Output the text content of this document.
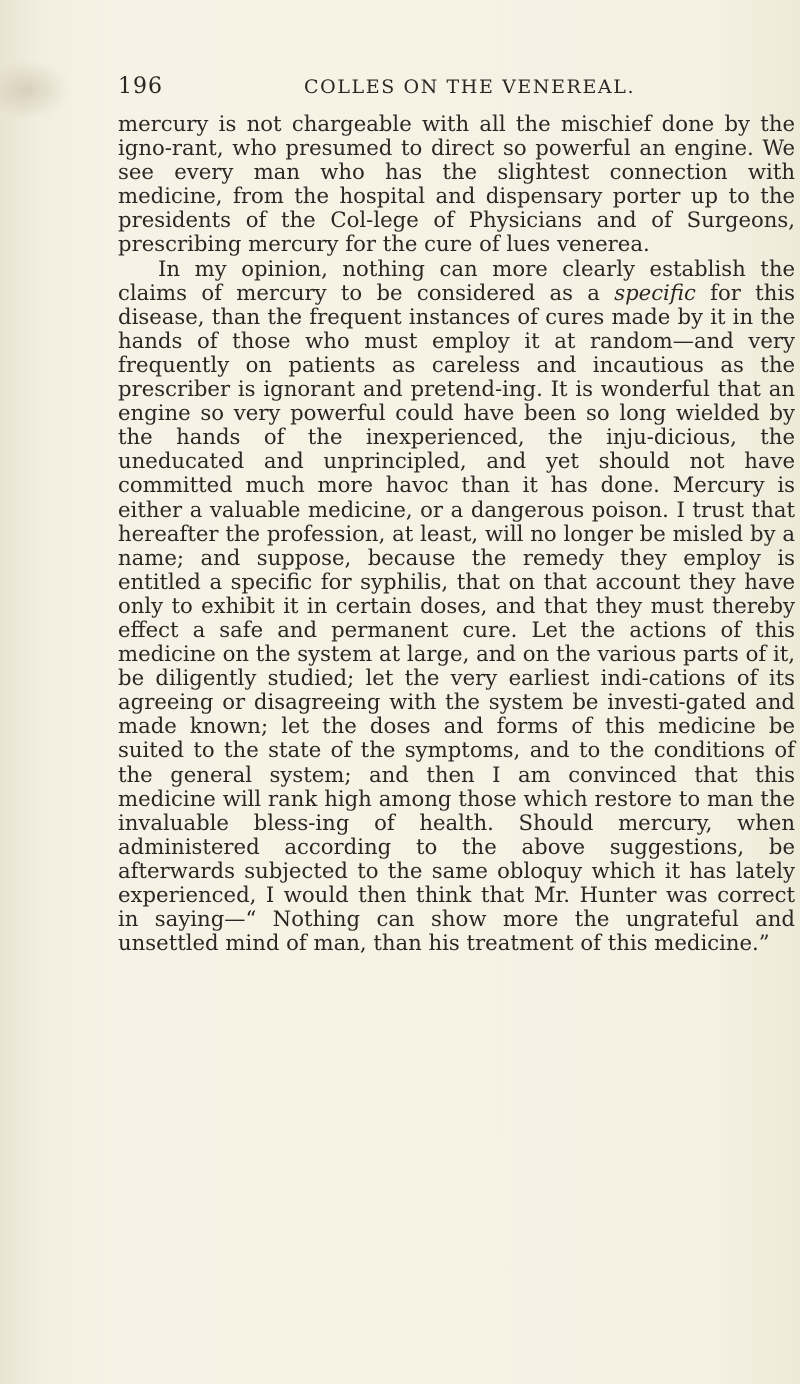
196	COLLES ON THE VENEREAL.

mercury is not chargeable with all the mischief done by the igno-rant, who presumed to direct so powerful an engine. We see every man who has the slightest connection with medicine, from the hospital and dispensary porter up to the presidents of the Col-lege of Physicians and of Surgeons, prescribing mercury for the cure of lues venerea.

In my opinion, nothing can more clearly establish the claims of mercury to be considered as a specific for this disease, than the frequent instances of cures made by it in the hands of those who must employ it at random—and very frequently on patients as careless and incautious as the prescriber is ignorant and pretend-ing. It is wonderful that an engine so very powerful could have been so long wielded by the hands of the inexperienced, the inju-dicious, the uneducated and unprincipled, and yet should not have committed much more havoc than it has done. Mercury is either a valuable medicine, or a dangerous poison. I trust that hereafter the profession, at least, will no longer be misled by a name; and suppose, because the remedy they employ is entitled a specific for syphilis, that on that account they have only to exhibit it in certain doses, and that they must thereby effect a safe and permanent cure. Let the actions of this medicine on the system at large, and on the various parts of it, be diligently studied; let the very earliest indi-cations of its agreeing or disagreeing with the system be investi-gated and made known; let the doses and forms of this medicine be suited to the state of the symptoms, and to the conditions of the general system; and then I am convinced that this medicine will rank high among those which restore to man the invaluable bless-ing of health. Should mercury, when administered according to the above suggestions, be afterwards subjected to the same obloquy which it has lately experienced, I would then think that Mr. Hunter was correct in saying—“ Nothing can show more the ungrateful and unsettled mind of man, than his treatment of this medicine.”
